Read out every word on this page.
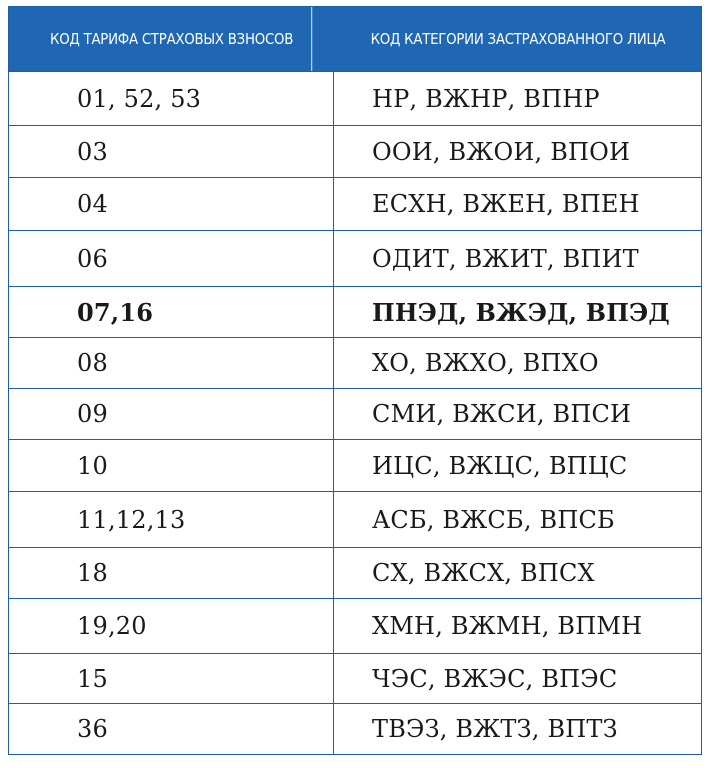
КОД ТАРИФА СТРАХОВЫХ ВЗНОСОВ	КОД КАТЕГОРИИ ЗАСТРАХОВАННОГО ЛИЦА
01, 52, 53	НР, ВЖНР, ВПНР
03	ООИ, ВЖОИ, ВПОИ
04	ЕСХН, ВЖЕН, ВПЕН
06	ОДИТ, ВЖИТ, ВПИТ
07,16	ПНЭД, ВЖЭД, ВПЭД
08	ХО, ВЖХО, ВПХО
09	СМИ, ВЖСИ, ВПСИ
10	ИЦС, ВЖЦС, ВПЦС
11,12,13	АСБ, ВЖСБ, ВПСБ
18	СХ, ВЖСХ, ВПСХ
19,20	ХМН, ВЖМН, ВПМН
15	ЧЭС, ВЖЭС, ВПЭС
36	ТВЭЗ, ВЖТЗ, ВПТЗ
